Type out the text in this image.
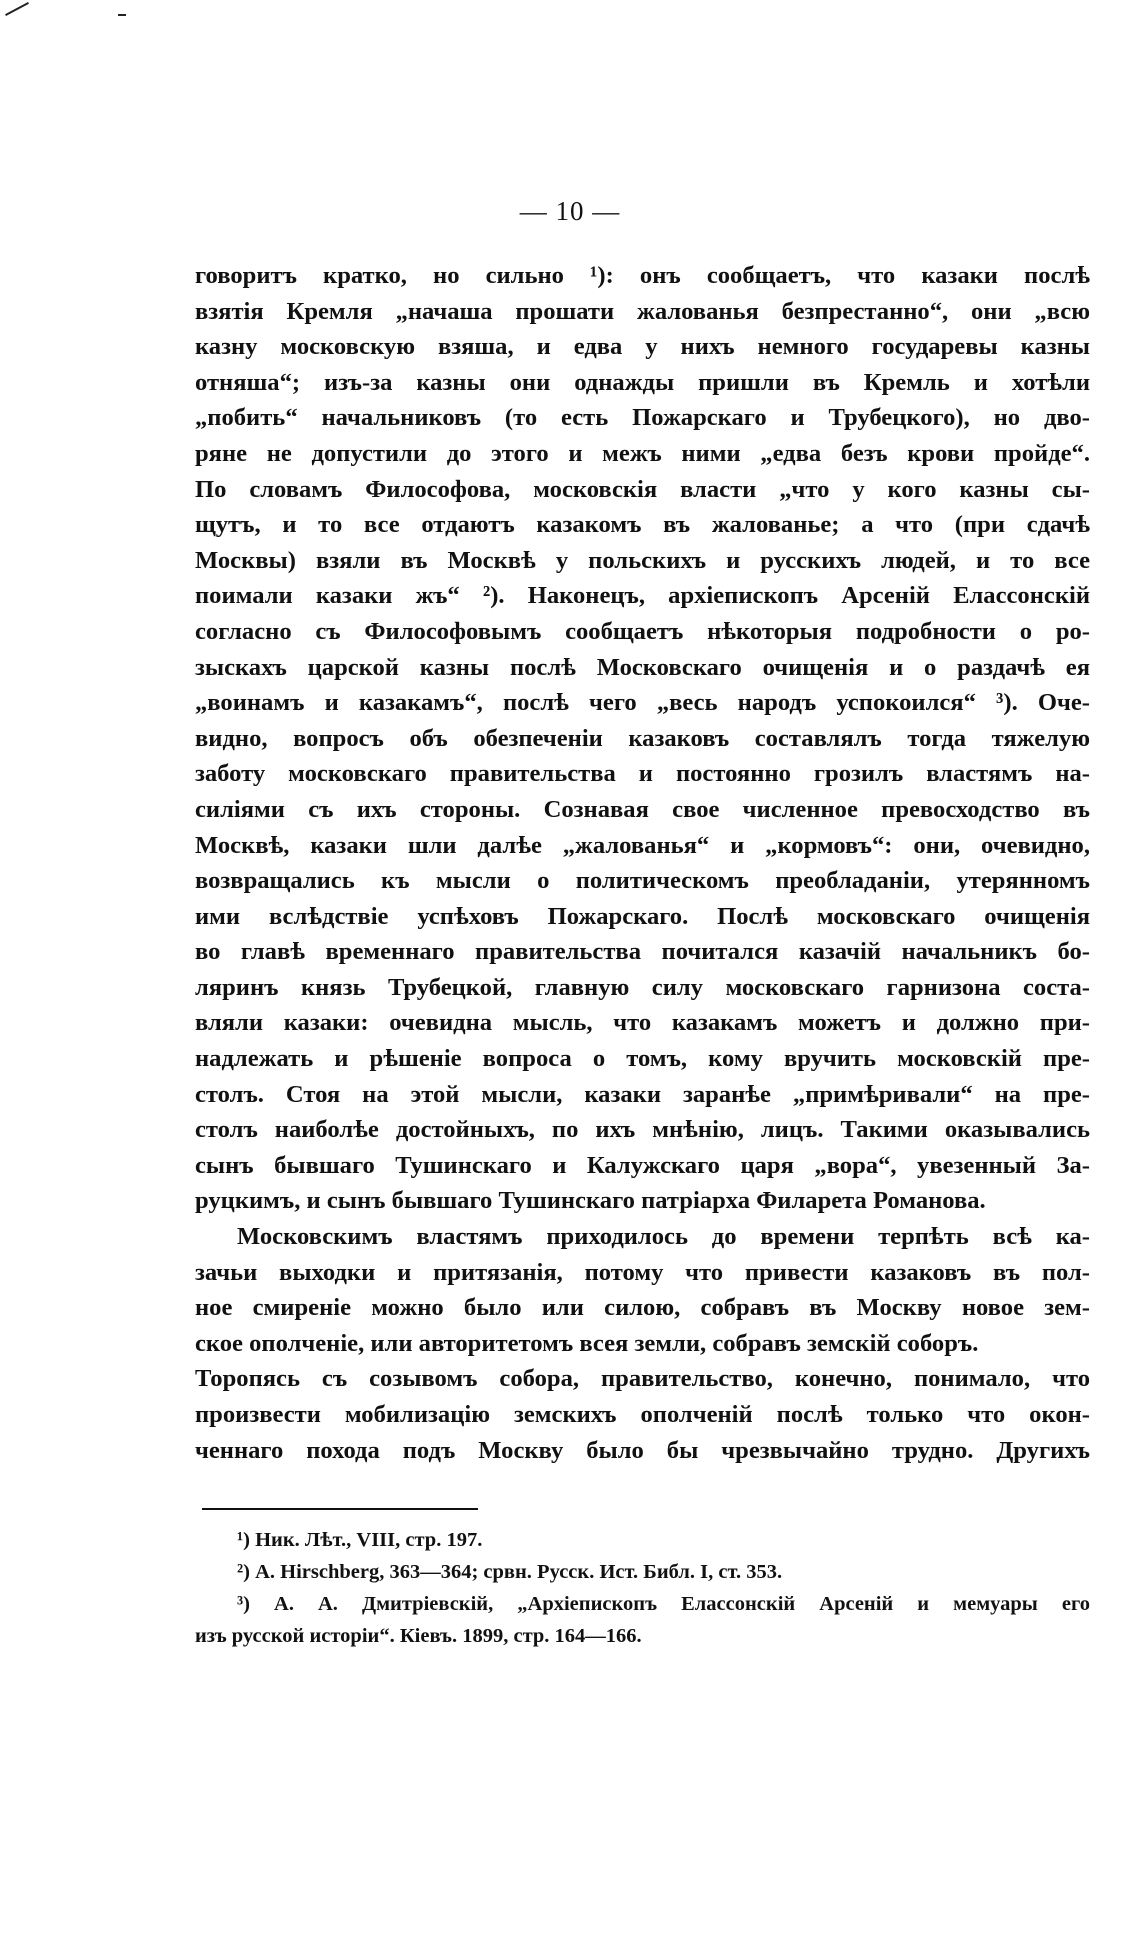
— 10 —
говоритъ кратко, но сильно ¹): онъ сообщаетъ, что казаки послѣ
взятія Кремля „начаша прошати жалованья безпрестанно“, они „всю
казну московскую взяша, и едва у нихъ немного государевы казны
отняша“; изъ-за казны они однажды пришли въ Кремль и хотѣли
„побить“ начальниковъ (то есть Пожарскаго и Трубецкого), но дво-
ряне не допустили до этого и межъ ними „едва безъ крови пройде“.
По словамъ Философова, московскія власти „что у кого казны сы-
щутъ, и то все отдаютъ казакомъ въ жалованье; а что (при сдачѣ
Москвы) взяли въ Москвѣ у польскихъ и русскихъ людей, и то все
поимали казаки жъ“ ²). Наконецъ, архіепископъ Арсеній Елассонскій
согласно съ Философовымъ сообщаетъ нѣкоторыя подробности о ро-
зыскахъ царской казны послѣ Московскаго очищенія и о раздачѣ ея
„воинамъ и казакамъ“, послѣ чего „весь народъ успокоился“ ³). Оче-
видно, вопросъ объ обезпеченіи казаковъ составлялъ тогда тяжелую
заботу московскаго правительства и постоянно грозилъ властямъ на-
силіями съ ихъ стороны. Сознавая свое численное превосходство въ
Москвѣ, казаки шли далѣе „жалованья“ и „кормовъ“: они, очевидно,
возвращались къ мысли о политическомъ преобладаніи, утерянномъ
ими вслѣдствіе успѣховъ Пожарскаго. Послѣ московскаго очищенія
во главѣ временнаго правительства почитался казачій начальникъ бо-
ляринъ князь Трубецкой, главную силу московскаго гарнизона соста-
вляли казаки: очевидна мысль, что казакамъ можетъ и должно при-
надлежать и рѣшеніе вопроса о томъ, кому вручить московскій пре-
столъ. Стоя на этой мысли, казаки заранѣе „примѣривали“ на пре-
столъ наиболѣе достойныхъ, по ихъ мнѣнію, лицъ. Такими оказывались
сынъ бывшаго Тушинскаго и Калужскаго царя „вора“, увезенный За-
руцкимъ, и сынъ бывшаго Тушинскаго патріарха Филарета Романова.
Московскимъ властямъ приходилось до времени терпѣть всѣ ка-
зачьи выходки и притязанія, потому что привести казаковъ въ пол-
ное смиреніе можно было или силою, собравъ въ Москву новое зем-
ское ополченіе, или авторитетомъ всея земли, собравъ земскій соборъ.
Торопясь съ созывомъ собора, правительство, конечно, понимало, что
произвести мобилизацію земскихъ ополченій послѣ только что окон-
ченнаго похода подъ Москву было бы чрезвычайно трудно. Другихъ
¹) Ник. Лѣт., VIII, стр. 197.
²) А. Hirschberg, 363—364; срвн. Русск. Ист. Библ. I, ст. 353.
³) А. А. Дмитріевскій, „Архіепископъ Елассонскій Арсеній и мемуары его
изъ русской исторіи“. Кіевъ. 1899, стр. 164—166.
